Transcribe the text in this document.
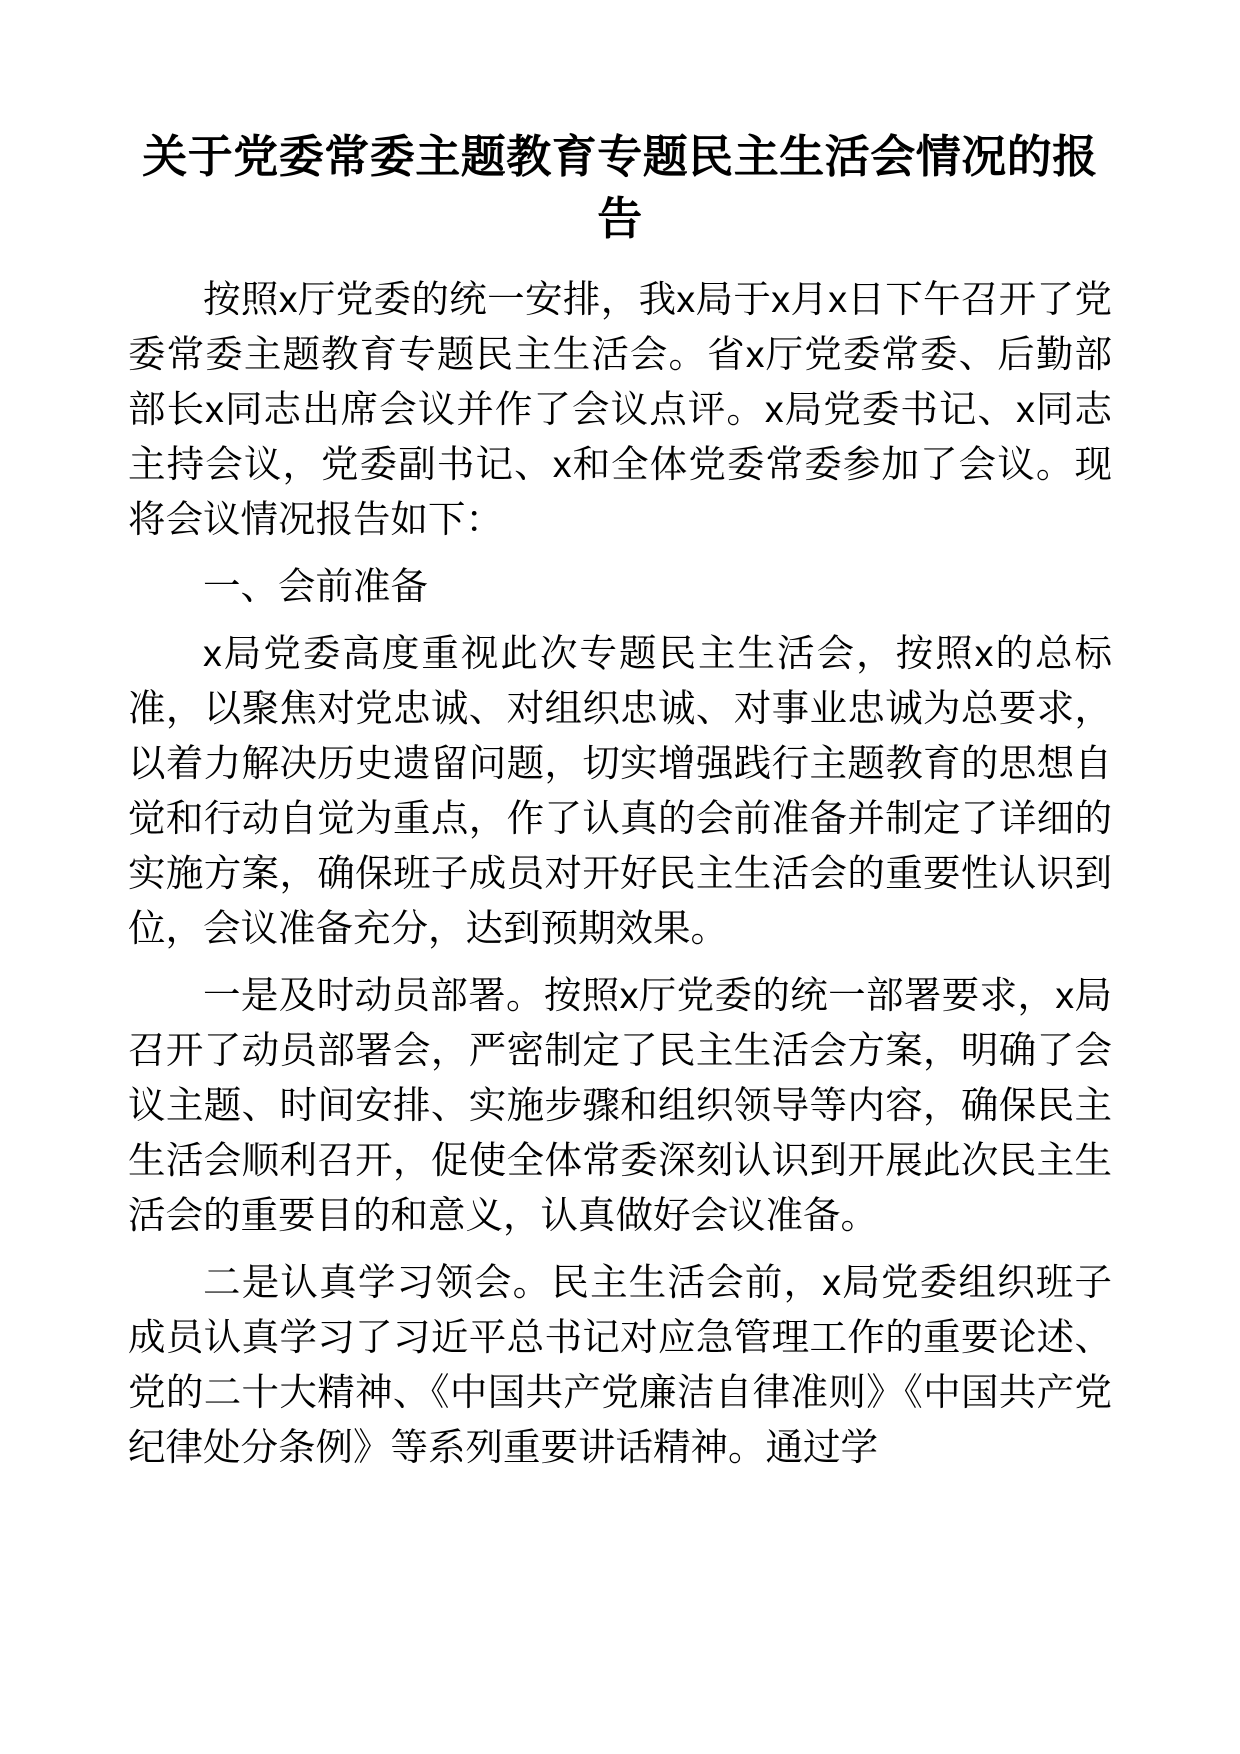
关于党委常委主题教育专题民主生活会情况的报告

按照x厅党委的统一安排，我x局于x月x日下午召开了党委常委主题教育专题民主生活会。省x厅党委常委、后勤部部长x同志出席会议并作了会议点评。x局党委书记、x同志主持会议，党委副书记、x和全体党委常委参加了会议。现将会议情况报告如下：

一、会前准备

x局党委高度重视此次专题民主生活会，按照x的总标准，以聚焦对党忠诚、对组织忠诚、对事业忠诚为总要求，以着力解决历史遗留问题，切实增强践行主题教育的思想自觉和行动自觉为重点，作了认真的会前准备并制定了详细的实施方案，确保班子成员对开好民主生活会的重要性认识到位，会议准备充分，达到预期效果。

一是及时动员部署。按照x厅党委的统一部署要求，x局召开了动员部署会，严密制定了民主生活会方案，明确了会议主题、时间安排、实施步骤和组织领导等内容，确保民主生活会顺利召开，促使全体常委深刻认识到开展此次民主生活会的重要目的和意义，认真做好会议准备。

二是认真学习领会。民主生活会前，x局党委组织班子成员认真学习了习近平总书记对应急管理工作的重要论述、党的二十大精神、《中国共产党廉洁自律准则》《中国共产党纪律处分条例》等系列重要讲话精神。通过学
